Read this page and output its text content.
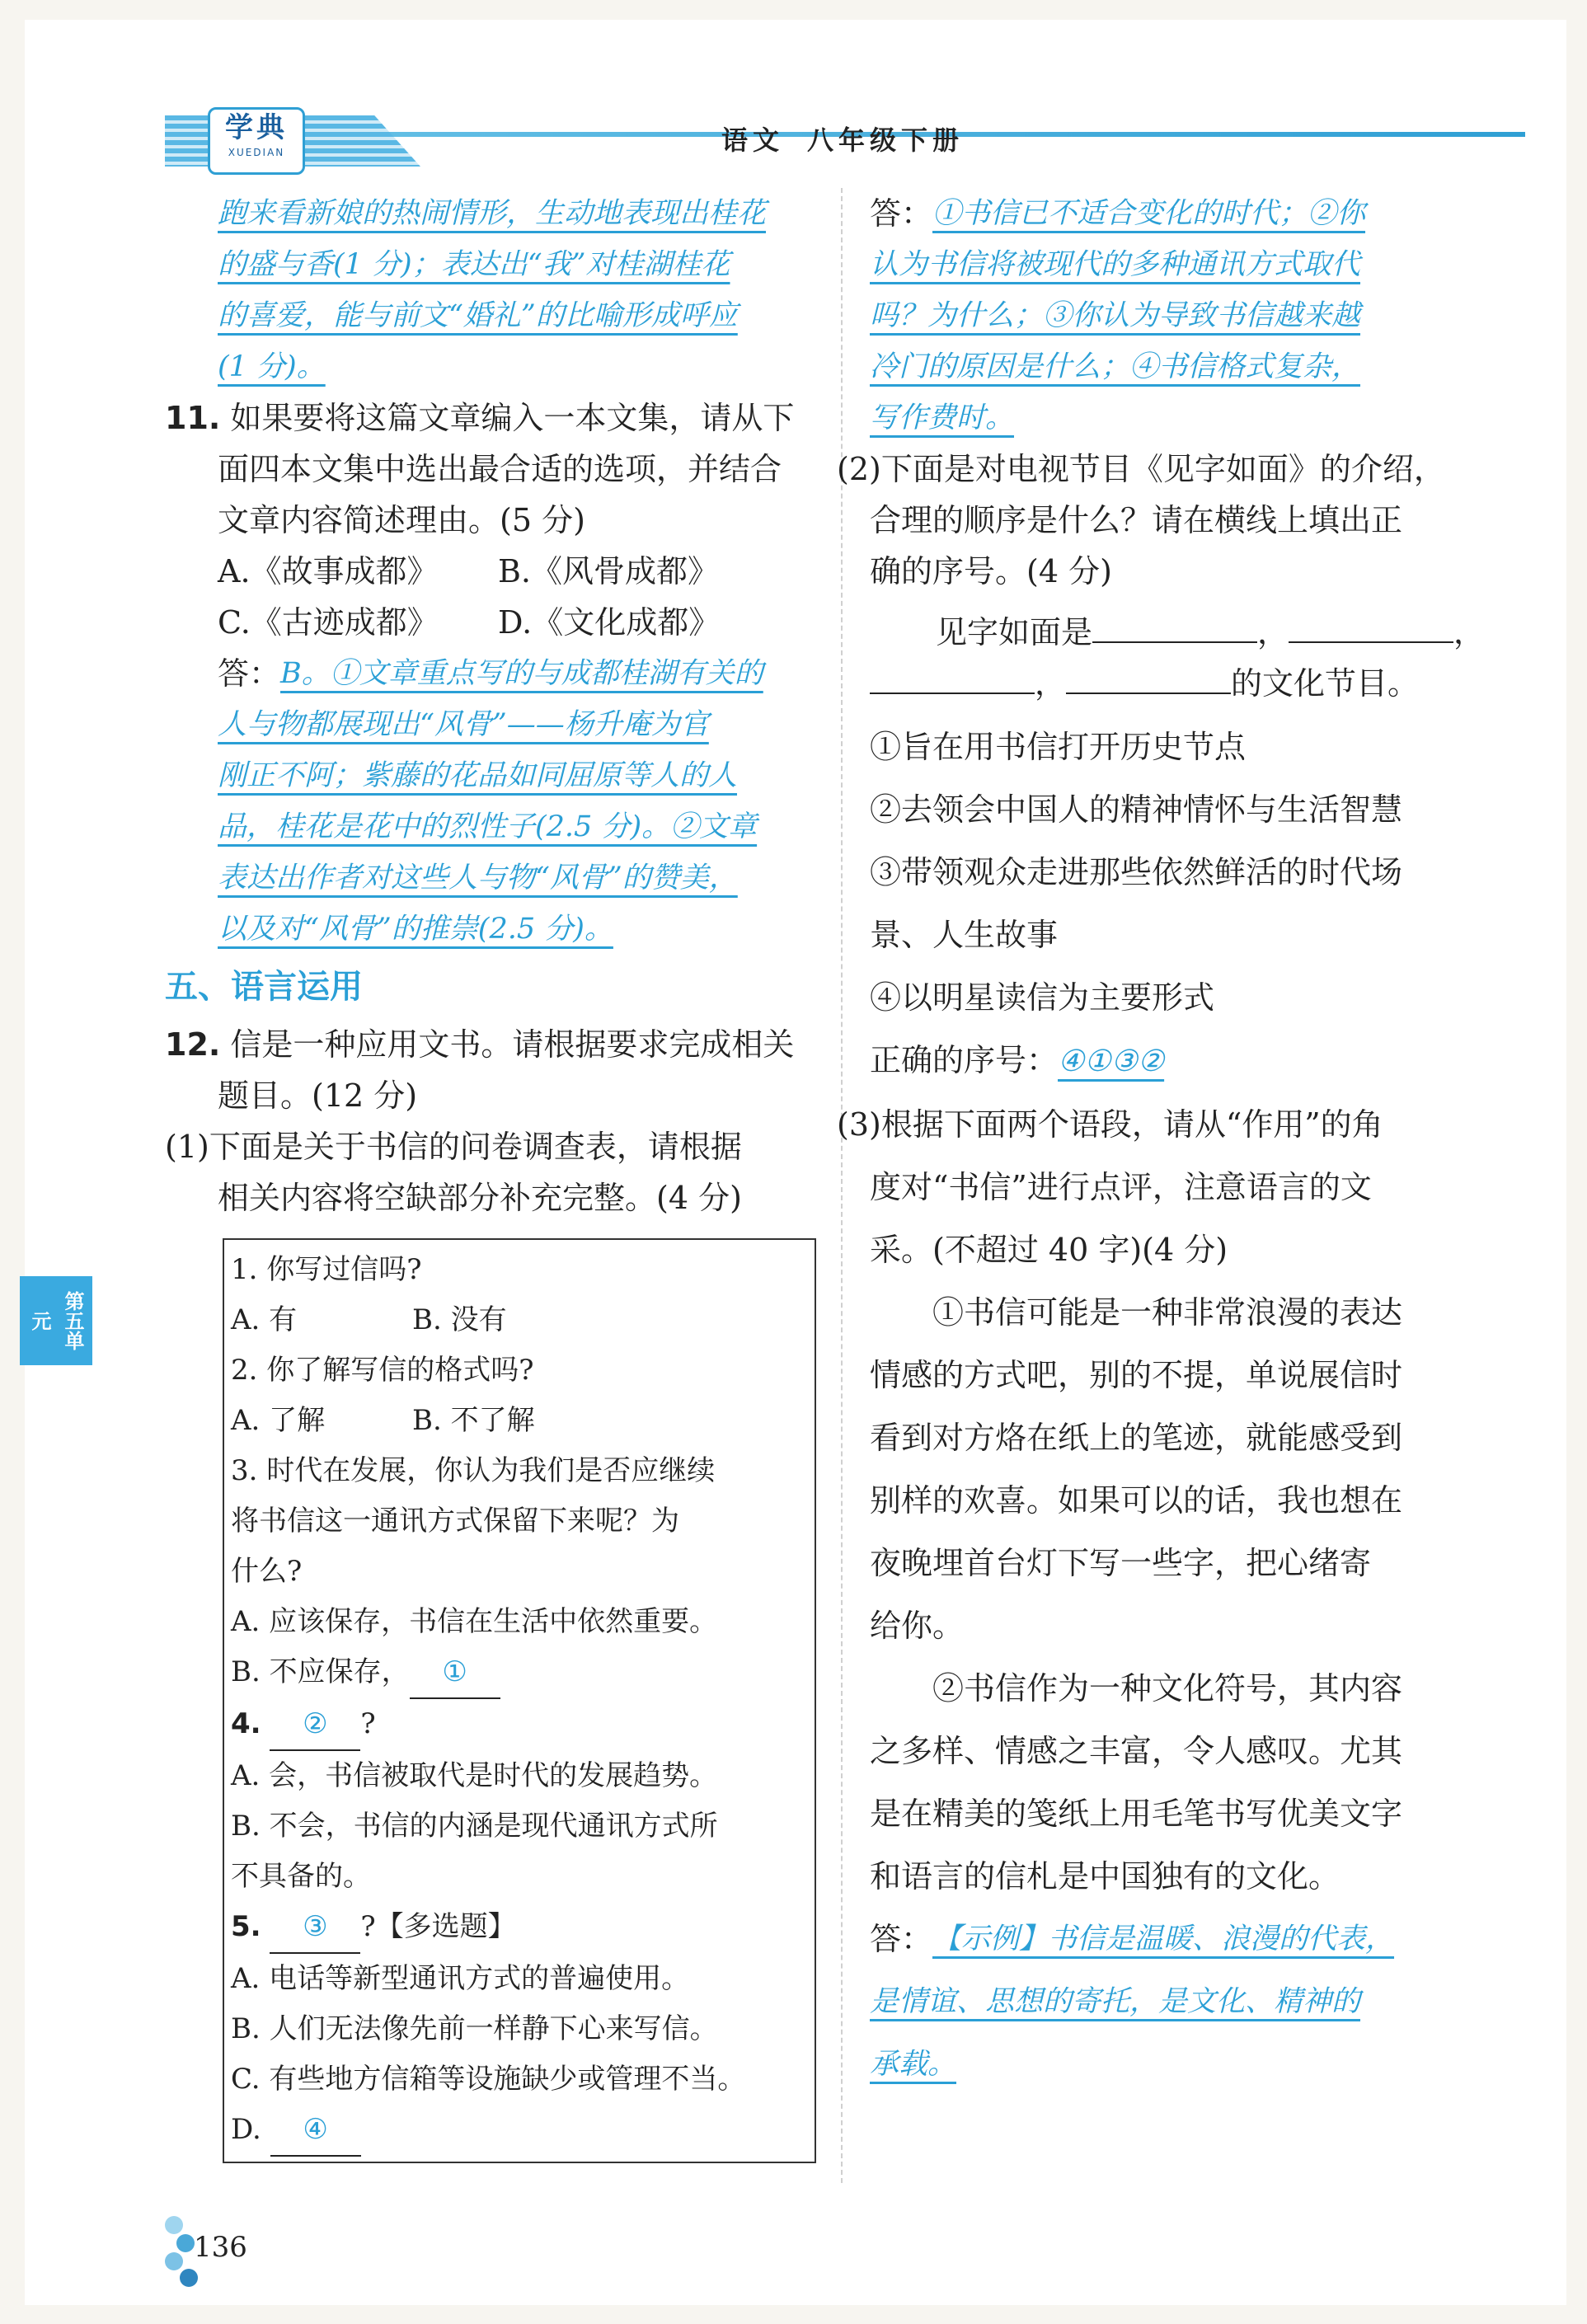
学典
XUEDIAN	语文 八年级下册
跑来看新娘的热闹情形，生动地表现出桂花
的盛与香(1 分)；表达出“我”对桂湖桂花
的喜爱，能与前文“婚礼”的比喻形成呼应
(1 分)。
11. 如果要将这篇文章编入一本文集，请从下
面四本文集中选出最合适的选项，并结合
文章内容简述理由。(5 分)
A.《故事成都》	B.《风骨成都》
C.《古迹成都》	D.《文化成都》
答： B。①文章重点写的与成都桂湖有关的
人与物都展现出“风骨”——杨升庵为官
刚正不阿；紫藤的花品如同屈原等人的人
品，桂花是花中的烈性子(2.5 分)。②文章
表达出作者对这些人与物“风骨”的赞美，
以及对“风骨”的推崇(2.5 分)。
五、语言运用
12. 信是一种应用文书。请根据要求完成相关
题目。(12 分)
(1)下面是关于书信的问卷调查表，请根据
相关内容将空缺部分补充完整。(4 分)
1. 你写过信吗?
A. 有	B. 没有
2. 你了解写信的格式吗?
A. 了解	B. 不了解
3. 时代在发展，你认为我们是否应继续
将书信这一通讯方式保留下来呢？为
什么?
A. 应该保存，书信在生活中依然重要。
B. 不应保存， ①
4. ② ?
A. 会，书信被取代是时代的发展趋势。
B. 不会，书信的内涵是现代通讯方式所
不具备的。
5. ③ ?【多选题】
A. 电话等新型通讯方式的普遍使用。
B. 人们无法像先前一样静下心来写信。
C. 有些地方信箱等设施缺少或管理不当。
D. ④
答： ①书信已不适合变化的时代；②你
认为书信将被现代的多种通讯方式取代
吗？为什么；③你认为导致书信越来越
冷门的原因是什么；④书信格式复杂，
写作费时。
(2)下面是对电视节目《见字如面》的介绍，
合理的顺序是什么？请在横线上填出正
确的序号。(4 分)
见字如面是	，	，
，	的文化节目。
①旨在用书信打开历史节点
②去领会中国人的精神情怀与生活智慧
③带领观众走进那些依然鲜活的时代场
景、人生故事
④以明星读信为主要形式
正确的序号：④①③②
(3)根据下面两个语段，请从“作用”的角
度对“书信”进行点评，注意语言的文
采。(不超过 40 字)(4 分)
①书信可能是一种非常浪漫的表达
情感的方式吧，别的不提，单说展信时
看到对方烙在纸上的笔迹，就能感受到
别样的欢喜。如果可以的话，我也想在
夜晚埋首台灯下写一些字，把心绪寄
给你。
②书信作为一种文化符号，其内容
之多样、情感之丰富，令人感叹。尤其
是在精美的笺纸上用毛笔书写优美文字
和语言的信札是中国独有的文化。
答： 【示例】书信是温暖、浪漫的代表，
是情谊、思想的寄托，是文化、精神的
承载。
第五单元
136
